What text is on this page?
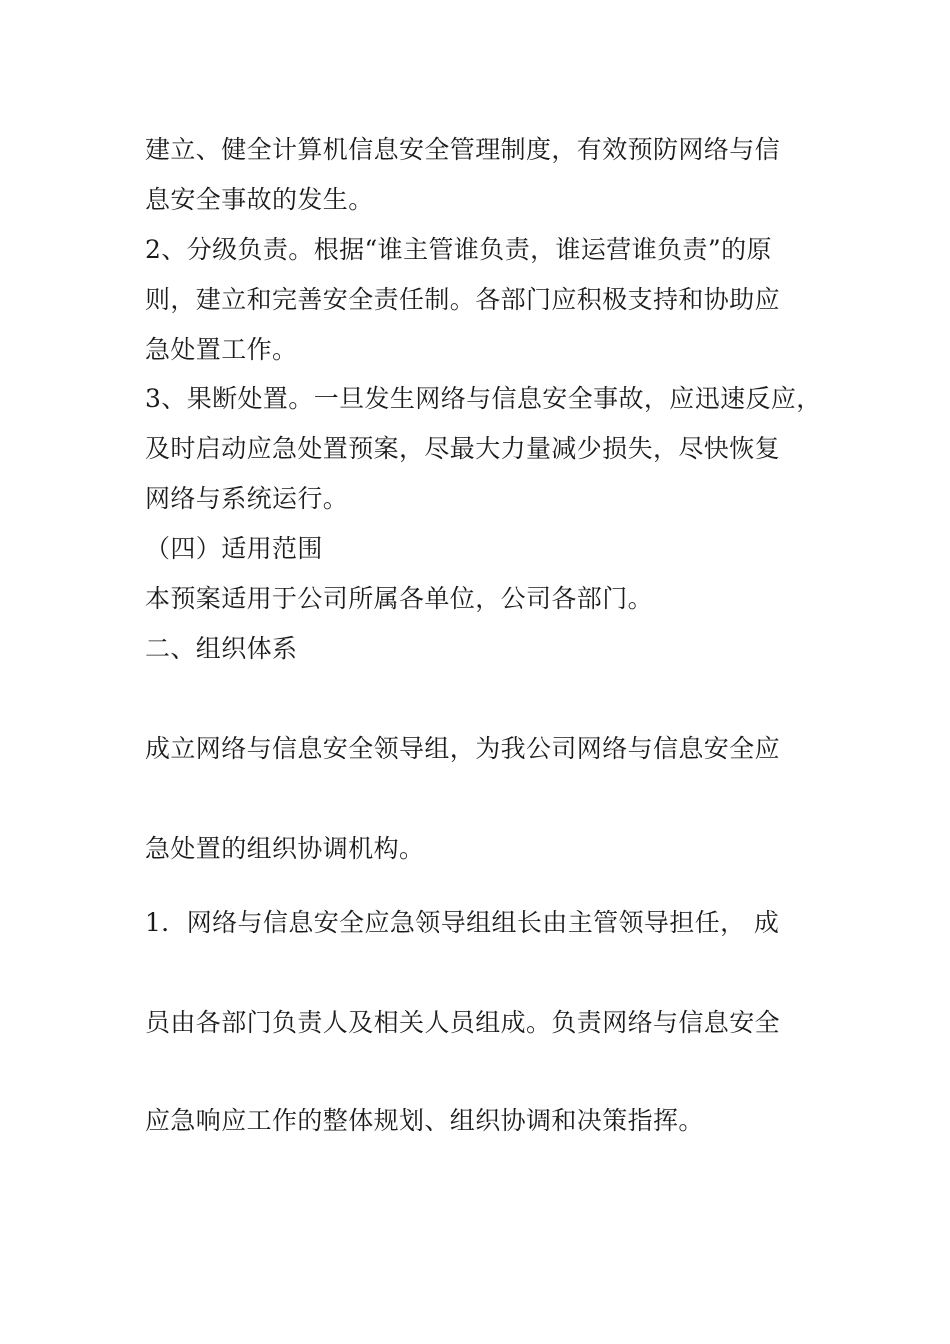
建立、健全计算机信息安全管理制度，有效预防网络与信
息安全事故的发生。
2、分级负责。根据“谁主管谁负责，谁运营谁负责”的原
则，建立和完善安全责任制。各部门应积极支持和协助应
急处置工作。
3、果断处置。一旦发生网络与信息安全事故，应迅速反应，
及时启动应急处置预案，尽最大力量减少损失，尽快恢复
网络与系统运行。
（四）适用范围
本预案适用于公司所属各单位，公司各部门。
二、组织体系
成立网络与信息安全领导组，为我公司网络与信息安全应
急处置的组织协调机构。
1．网络与信息安全应急领导组组长由主管领导担任， 成
员由各部门负责人及相关人员组成。负责网络与信息安全
应急响应工作的整体规划、组织协调和决策指挥。
